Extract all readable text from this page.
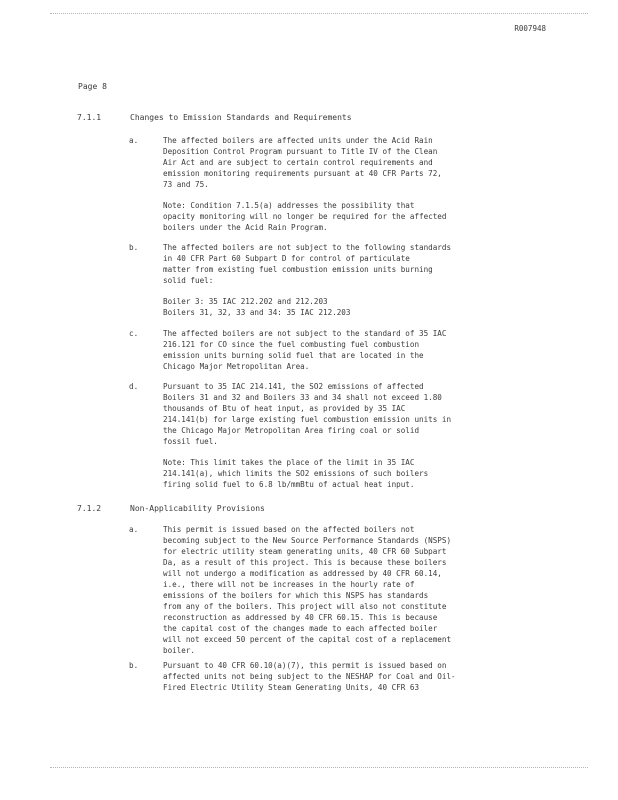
R007948
Page 8
7.1.1	Changes to Emission Standards and Requirements
a.	The affected boilers are affected units under the Acid Rain
Deposition Control Program pursuant to Title IV of the Clean
Air Act and are subject to certain control requirements and
emission monitoring requirements pursuant at 40 CFR Parts 72,
73 and 75.

Note: Condition 7.1.5(a) addresses the possibility that
opacity monitoring will no longer be required for the affected
boilers under the Acid Rain Program.

b.	The affected boilers are not subject to the following standards
in 40 CFR Part 60 Subpart D for control of particulate
matter from existing fuel combustion emission units burning
solid fuel:

Boiler 3: 35 IAC 212.202 and 212.203
Boilers 31, 32, 33 and 34: 35 IAC 212.203

c.	The affected boilers are not subject to the standard of 35 IAC
216.121 for CO since the fuel combusting fuel combustion
emission units burning solid fuel that are located in the
Chicago Major Metropolitan Area.

d.	Pursuant to 35 IAC 214.141, the SO2 emissions of affected
Boilers 31 and 32 and Boilers 33 and 34 shall not exceed 1.80
thousands of Btu of heat input, as provided by 35 IAC
214.141(b) for large existing fuel combustion emission units in
the Chicago Major Metropolitan Area firing coal or solid
fossil fuel.

Note: This limit takes the place of the limit in 35 IAC
214.141(a), which limits the SO2 emissions of such boilers
firing solid fuel to 6.8 lb/mmBtu of actual heat input.

7.1.2	Non-Applicability Provisions
a.	This permit is issued based on the affected boilers not
becoming subject to the New Source Performance Standards (NSPS)
for electric utility steam generating units, 40 CFR 60 Subpart
Da, as a result of this project. This is because these boilers
will not undergo a modification as addressed by 40 CFR 60.14,
i.e., there will not be increases in the hourly rate of
emissions of the boilers for which this NSPS has standards
from any of the boilers. This project will also not constitute
reconstruction as addressed by 40 CFR 60.15. This is because
the capital cost of the changes made to each affected boiler
will not exceed 50 percent of the capital cost of a replacement
boiler.

b.	Pursuant to 40 CFR 60.10(a)(7), this permit is issued based on
affected units not being subject to the NESHAP for Coal and Oil-
Fired Electric Utility Steam Generating Units, 40 CFR 63
